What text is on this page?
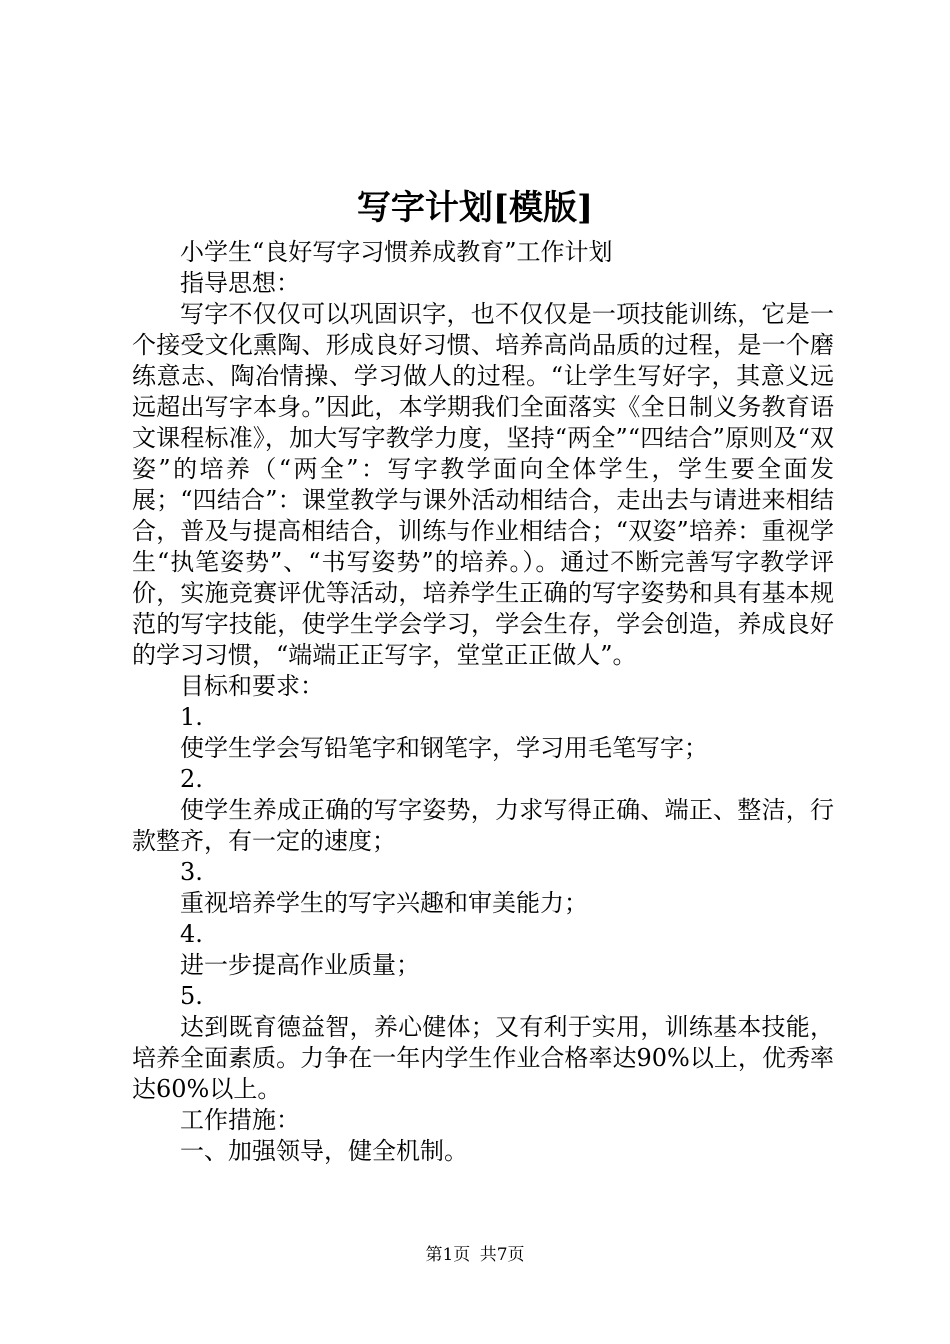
写字计划[模版]

小学生“良好写字习惯养成教育”工作计划

指导思想：

写字不仅仅可以巩固识字，也不仅仅是一项技能训练，它是一个接受文化熏陶、形成良好习惯、培养高尚品质的过程，是一个磨练意志、陶冶情操、学习做人的过程。“让学生写好字，其意义远远超出写字本身。”因此，本学期我们全面落实《全日制义务教育语文课程标准》，加大写字教学力度，坚持“两全”“四结合”原则及“双姿”的培养（“两全”：写字教学面向全体学生，学生要全面发展；“四结合”：课堂教学与课外活动相结合，走出去与请进来相结合，普及与提高相结合，训练与作业相结合；“双姿”培养：重视学生“执笔姿势”、“书写姿势”的培养。）。通过不断完善写字教学评价，实施竞赛评优等活动，培养学生正确的写字姿势和具有基本规范的写字技能，使学生学会学习，学会生存，学会创造，养成良好的学习习惯，“端端正正写字，堂堂正正做人”。

目标和要求：

1.

使学生学会写铅笔字和钢笔字，学习用毛笔写字；

2.

使学生养成正确的写字姿势，力求写得正确、端正、整洁，行款整齐，有一定的速度；

3.

重视培养学生的写字兴趣和审美能力；

4.

进一步提高作业质量；

5.

达到既育德益智，养心健体；又有利于实用，训练基本技能，培养全面素质。力争在一年内学生作业合格率达90%以上，优秀率达60%以上。

工作措施：

一、加强领导，健全机制。

第1页 共7页
